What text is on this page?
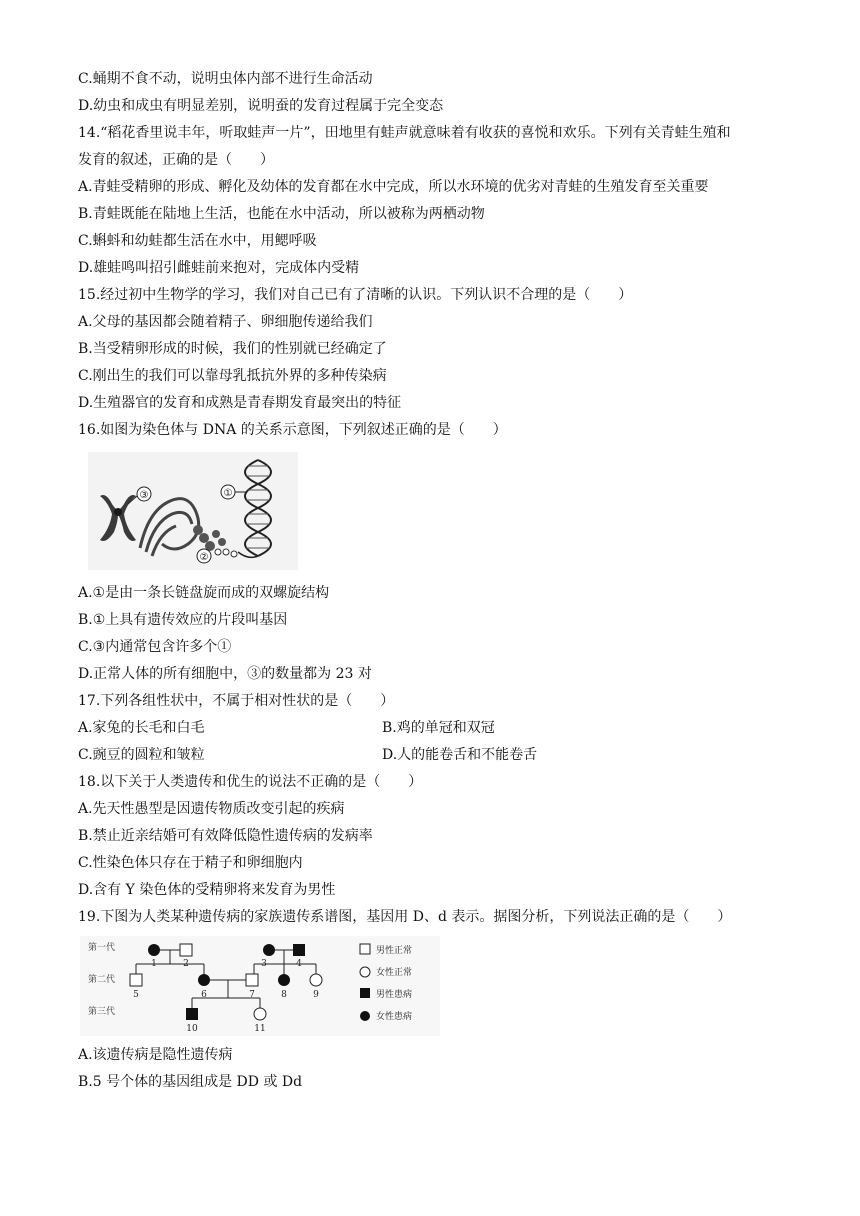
C.蛹期不食不动，说明虫体内部不进行生命活动
D.幼虫和成虫有明显差别，说明蚕的发育过程属于完全变态
14.“稻花香里说丰年，听取蛙声一片”，田地里有蛙声就意味着有收获的喜悦和欢乐。下列有关青蛙生殖和
发育的叙述，正确的是（　　）
A.青蛙受精卵的形成、孵化及幼体的发育都在水中完成，所以水环境的优劣对青蛙的生殖发育至关重要
B.青蛙既能在陆地上生活，也能在水中活动，所以被称为两栖动物
C.蝌蚪和幼蛙都生活在水中，用鳃呼吸
D.雄蛙鸣叫招引雌蛙前来抱对，完成体内受精
15.经过初中生物学的学习，我们对自己已有了清晰的认识。下列认识不合理的是（　　）
A.父母的基因都会随着精子、卵细胞传递给我们
B.当受精卵形成的时候，我们的性别就已经确定了
C.刚出生的我们可以靠母乳抵抗外界的多种传染病
D.生殖器官的发育和成熟是青春期发育最突出的特征
16.如图为染色体与 DNA 的关系示意图，下列叙述正确的是（　　）
③
②
①
A.①是由一条长链盘旋而成的双螺旋结构
B.①上具有遗传效应的片段叫基因
C.③内通常包含许多个①
D.正常人体的所有细胞中，③的数量都为 23 对
17.下列各组性状中，不属于相对性状的是（　　）
A.家兔的长毛和白毛	B.鸡的单冠和双冠
C.豌豆的圆粒和皱粒	D.人的能卷舌和不能卷舌
18.以下关于人类遗传和优生的说法不正确的是（　　）
A.先天性愚型是因遗传物质改变引起的疾病
B.禁止近亲结婚可有效降低隐性遗传病的发病率
C.性染色体只存在于精子和卵细胞内
D.含有 Y 染色体的受精卵将来发育为男性
19.下图为人类某种遗传病的家族遗传系谱图，基因用 D、d 表示。据图分析，下列说法正确的是（　　）
第一代
第二代
第三代
1	2	3	4
5	6	7	8	9
10	11
男性正常
女性正常
男性患病
女性患病
A.该遗传病是隐性遗传病
B.5 号个体的基因组成是 DD 或 Dd
